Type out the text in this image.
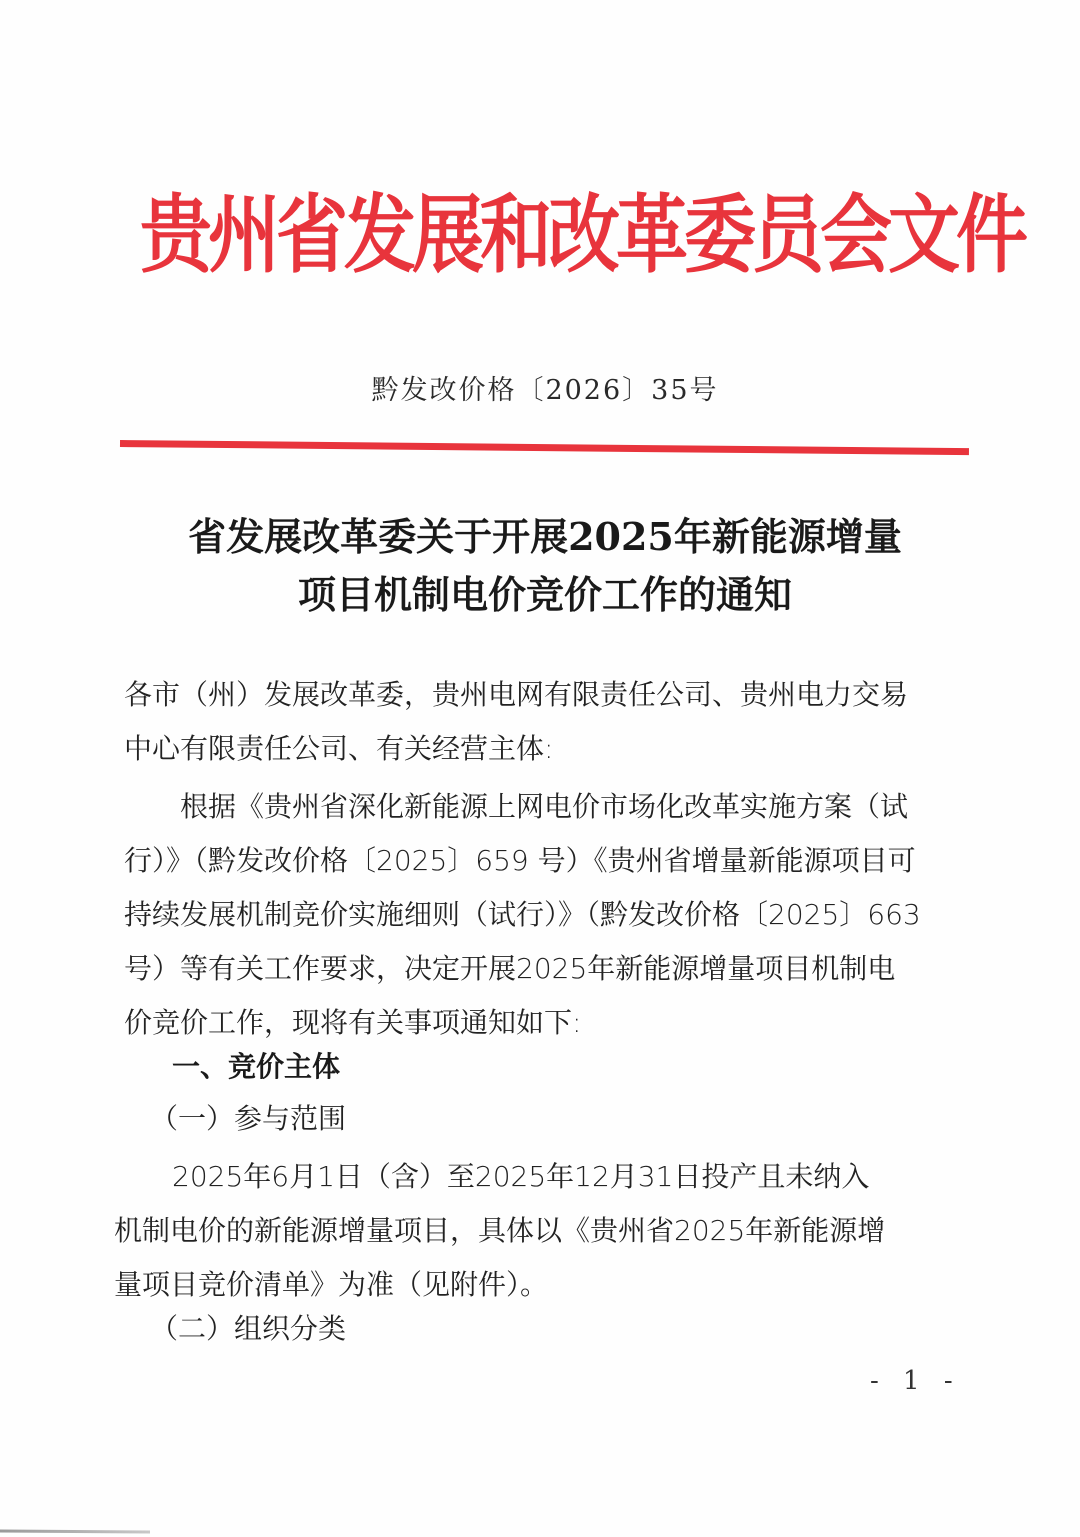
贵州省发展和改革委员会文件
黔发改价格〔2026〕35号
省发展改革委关于开展2025年新能源增量
项目机制电价竞价工作的通知
各市（州）发展改革委，贵州电网有限责任公司、贵州电力交易
中心有限责任公司、有关经营主体:
根据《贵州省深化新能源上网电价市场化改革实施方案（试
行）》（黔发改价格〔2025〕659 号）《贵州省增量新能源项目可
持续发展机制竞价实施细则（试行）》（黔发改价格〔2025〕663
号）等有关工作要求，决定开展2025年新能源增量项目机制电
价竞价工作，现将有关事项通知如下:
一、竞价主体
（一）参与范围
2025年6月1日（含）至2025年12月31日投产且未纳入
机制电价的新能源增量项目，具体以《贵州省2025年新能源增
量项目竞价清单》为准（见附件）。
（二）组织分类
- 1 -
